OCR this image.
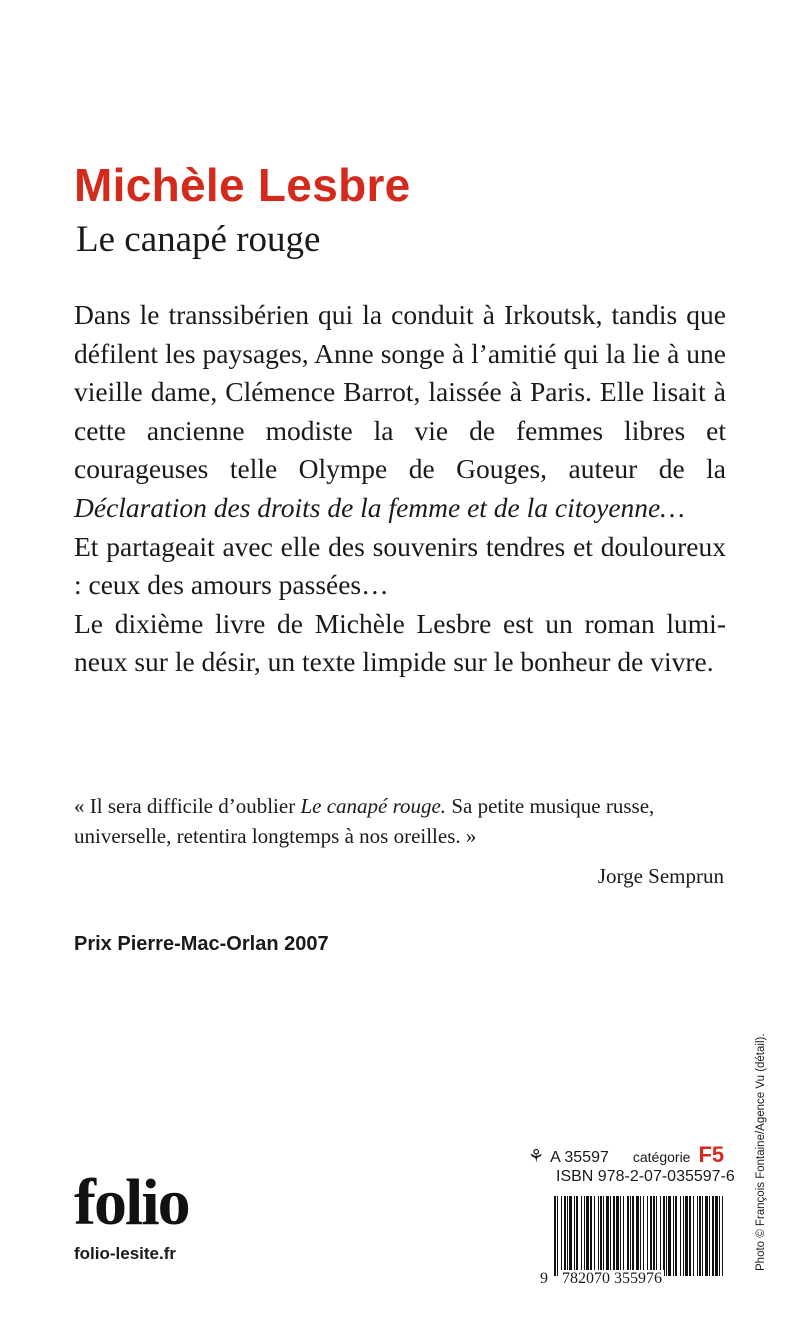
Michèle Lesbre
Le canapé rouge

Dans le transsibérien qui la conduit à Irkoutsk, tandis que défilent les paysages, Anne songe à l’amitié qui la lie à une vieille dame, Clémence Barrot, laissée à Paris. Elle lisait à cette ancienne modiste la vie de femmes libres et courageuses telle Olympe de Gouges, auteur de la Déclaration des droits de la femme et de la citoyenne…

Et partageait avec elle des souvenirs tendres et douloureux : ceux des amours passées…

Le dixième livre de Michèle Lesbre est un roman lumineux sur le désir, un texte limpide sur le bonheur de vivre.

« Il sera difficile d’oublier Le canapé rouge. Sa petite musique russe, universelle, retentira longtemps à nos oreilles. »

Jorge Semprun
Prix Pierre-Mac-Orlan 2007
Photo © François Fontaine/Agence Vu (détail).
folio
folio-lesite.fr
⚘ A 35597 catégorie F5
ISBN 978-2-07-035597-6
9 782070 355976
